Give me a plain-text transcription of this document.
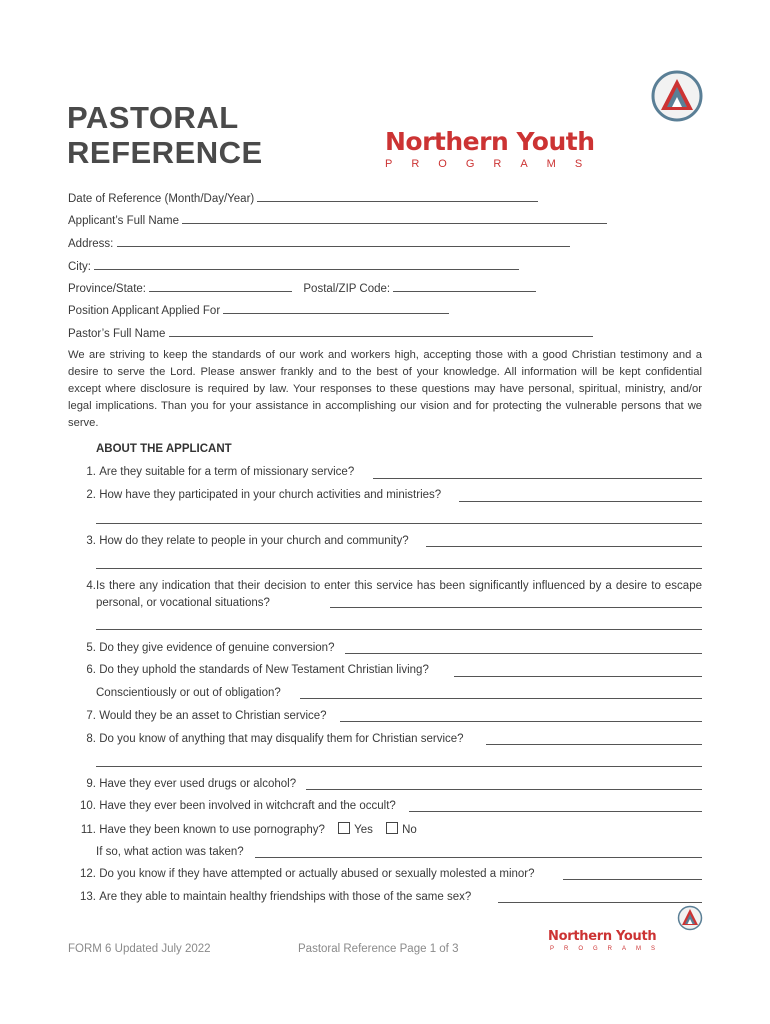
PASTORAL
REFERENCE	Northern Youth
PROGRAMS
Date of Reference (Month/Day/Year)
Applicant’s Full Name
Address:
City:
Province/State:	Postal/ZIP Code:
Position Applicant Applied For
Pastor’s Full Name
We are striving to keep the standards of our work and workers high, accepting those with a good Christian testimony and a desire to serve the Lord. Please answer frankly and to the best of your knowledge. All information will be kept confidential except where disclosure is required by law. Your responses to these questions may have personal, spiritual, ministry, and/or legal implications. Than you for your assistance in accomplishing our vision and for protecting the vulnerable persons that we serve.
ABOUT THE APPLICANT
1. Are they suitable for a term of missionary service?
2. How have they participated in your church activities and ministries?
3. How do they relate to people in your church and community?
4. Is there any indication that their decision to enter this service has been significantly influenced by a desire to escape personal, or vocational situations?
5. Do they give evidence of genuine conversion?
6. Do they uphold the standards of New Testament Christian living?
Conscientiously or out of obligation?
7. Would they be an asset to Christian service?
8. Do you know of anything that may disqualify them for Christian service?
9. Have they ever used drugs or alcohol?
10. Have they ever been involved in witchcraft and the occult?
11. Have they been known to use pornography?	Yes	No
If so, what action was taken?
12. Do you know if they have attempted or actually abused or sexually molested a minor?
13. Are they able to maintain healthy friendships with those of the same sex?
FORM 6 Updated July 2022	Pastoral Reference Page 1 of 3
Northern Youth
PROGRAMS
